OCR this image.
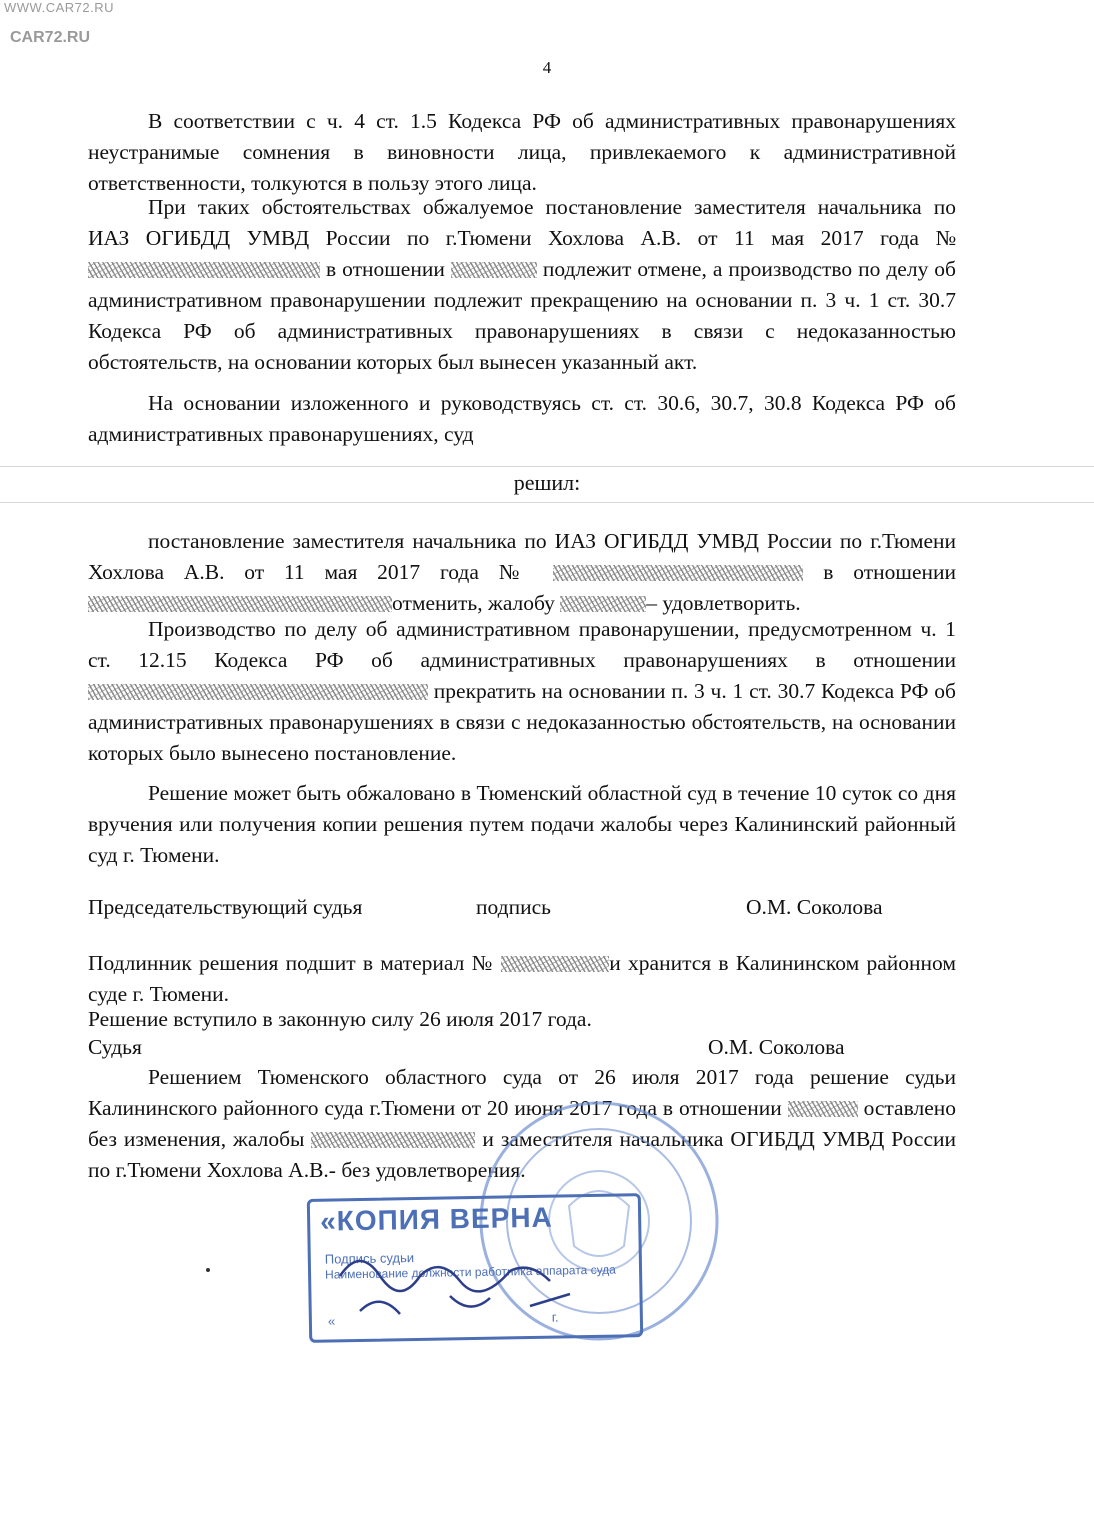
WWW.CAR72.RU
CAR72.RU
4

В соответствии с ч. 4 ст. 1.5 Кодекса РФ об административных правонарушениях неустранимые сомнения в виновности лица, привлекаемого к административной ответственности, толкуются в пользу этого лица.

При таких обстоятельствах обжалуемое постановление заместителя начальника по ИАЗ ОГИБДД УМВД России по г.Тюмени Хохлова А.В. от 11 мая 2017 года № в отношении	подлежит отмене, а производство по делу об административном правонарушении подлежит прекращению на основании п. 3 ч. 1 ст. 30.7 Кодекса РФ об административных правонарушениях в связи с недоказанностью обстоятельств, на основании которых был вынесен указанный акт.

На основании изложенного и руководствуясь ст. ст. 30.6, 30.7, 30.8 Кодекса РФ об административных правонарушениях, суд

решил:

постановление заместителя начальника по ИАЗ ОГИБДД УМВД России по г.Тюмени Хохлова А.В. от 11 мая 2017 года №	в отношении отменить, жалобу	– удовлетворить.

Производство по делу об административном правонарушении, предусмотренном ч. 1 ст. 12.15 Кодекса РФ об административных правонарушениях в отношении  прекратить на основании п. 3 ч. 1 ст. 30.7 Кодекса РФ об административных правонарушениях в связи с недоказанностью обстоятельств, на основании которых было вынесено постановление.

Решение может быть обжаловано в Тюменский областной суд в течение 10 суток со дня вручения или получения копии решения путем подачи жалобы через Калининский районный суд г. Тюмени.

Председательствующий судья	подпись	О.М. Соколова

Подлинник решения подшит в материал №	и хранится в Калининском районном суде г. Тюмени.

Решение вступило в законную силу 26 июля 2017 года.
Судья	О.М. Соколова

Решением Тюменского областного суда от 26 июля 2017 года решение судьи Калининского районного суда г.Тюмени от 20 июня 2017 года в отношении	оставлено без изменения, жалобы	и заместителя начальника ОГИБДД УМВД России по г.Тюмени Хохлова А.В.- без удовлетворения.

«КОПИЯ ВЕРНА
Подпись судьи
Наименование должности работника аппарата суда
«	г.
